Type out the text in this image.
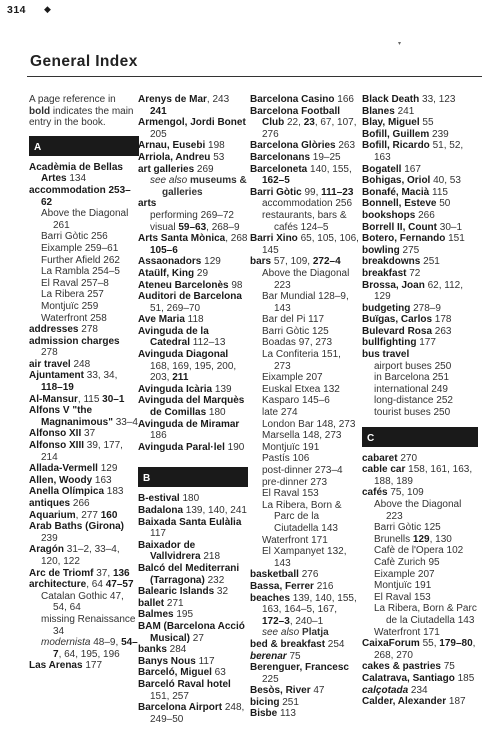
314 ◆
▾
General Index
A page reference in bold indicates the main entry in the book.
A
Acadèmia de Bellas Artes 134
accommodation 253–62
Above the Diagonal 261
Barri Gòtic 256
Eixample 259–61
Further Afield 262
La Rambla 254–5
El Raval 257–8
La Ribera 257
Montjuïc 259
Waterfront 258
addresses 278
admission charges 278
air travel 248
Ajuntament 33, 34, 118–19
Al-Mansur, 115 30–1
Alfons V "the Magnanimous" 33–4
Alfonso XII 37
Alfonso XIII 39, 177, 214
Allada-Vermell 129
Allen, Woody 163
Anella Olímpica 183
antiques 266
Aquarium, 277 160
Arab Baths (Girona) 239
Aragón 31–2, 33–4, 120, 122
Arc de Triomf 37, 136
architecture, 64 47–57
Catalan Gothic 47, 54, 64
missing Renaissance 34
modernista 48–9, 54–7, 64, 195, 196
Las Arenas 177
Arenys de Mar, 243 241
Armengol, Jordi Bonet 205
Arnau, Eusebi 198
Arriola, Andreu 53
art galleries 269
see also museums & galleries
arts
performing 269–72
visual 59–63, 268–9
Arts Santa Mònica, 268 105–6
Assaonadors 129
Ataülf, King 29
Ateneu Barcelonès 98
Auditori de Barcelona 51, 269–70
Ave Maria 118
Avinguda de la Catedral 112–13
Avinguda Diagonal 168, 169, 195, 200, 203, 211
Avinguda Icària 139
Avinguda del Marquès de Comillas 180
Avinguda de Miramar 186
Avinguda Paral·lel 190
B
B-estival 180
Badalona 139, 140, 241
Baixada Santa Eulàlia 117
Baixador de Vallvidrera 218
Balcó del Mediterrani (Tarragona) 232
Balearic Islands 32
ballet 271
Balmes 195
BAM (Barcelona Acció Musical) 27
banks 284
Banys Nous 117
Barceló, Miguel 63
Barceló Raval hotel 151, 257
Barcelona Airport 248, 249–50
Barcelona Casino 166
Barcelona Football Club 22, 23, 67, 107, 276
Barcelona Glòries 263
Barcelonans 19–25
Barceloneta 140, 155, 162–5
Barri Gòtic 99, 111–23
accommodation 256
restaurants, bars & cafés 124–5
Barri Xino 65, 105, 106, 145
bars 57, 109, 272–4
Above the Diagonal 223
Bar Mundial 128–9, 143
Bar del Pi 117
Barri Gòtic 125
Boadas 97, 273
La Confiteria 151, 273
Eixample 207
Euskal Etxea 132
Kasparo 145–6
late 274
London Bar 148, 273
Marsella 148, 273
Montjuïc 191
Pastís 106
post-dinner 273–4
pre-dinner 273
El Raval 153
La Ribera, Born & Parc de la Ciutadella 143
Waterfront 171
El Xampanyet 132, 143
basketball 276
Bassa, Ferrer 216
beaches 139, 140, 155, 163, 164–5, 167, 172–3, 240–1
see also Platja
bed & breakfast 254
berenar 75
Berenguer, Francesc 225
Besòs, River 47
bicing 251
Bisbe 113
Black Death 33, 123
Blanes 241
Blay, Miguel 55
Bofill, Guillem 239
Bofill, Ricardo 51, 52, 163
Bogatell 167
Bohigas, Oriol 40, 53
Bonafé, Macià 115
Bonnell, Esteve 50
bookshops 266
Borrell II, Count 30–1
Botero, Fernando 151
bowling 275
breakdowns 251
breakfast 72
Brossa, Joan 62, 112, 129
budgeting 278–9
Buïgas, Carlos 178
Bulevard Rosa 263
bullfighting 177
bus travel
airport buses 250
in Barcelona 251
international 249
long-distance 252
tourist buses 250
C
cabaret 270
cable car 158, 161, 163, 188, 189
cafés 75, 109
Above the Diagonal 223
Barri Gòtic 125
Brunells 129, 130
Cafè de l'Opera 102
Cafè Zurich 95
Eixample 207
Montjuïc 191
El Raval 153
La Ribera, Born & Parc de la Ciutadella 143
Waterfront 171
CaixaForum 55, 179–80, 268, 270
cakes & pastries 75
Calatrava, Santiago 185
calçotada 234
Calder, Alexander 187
